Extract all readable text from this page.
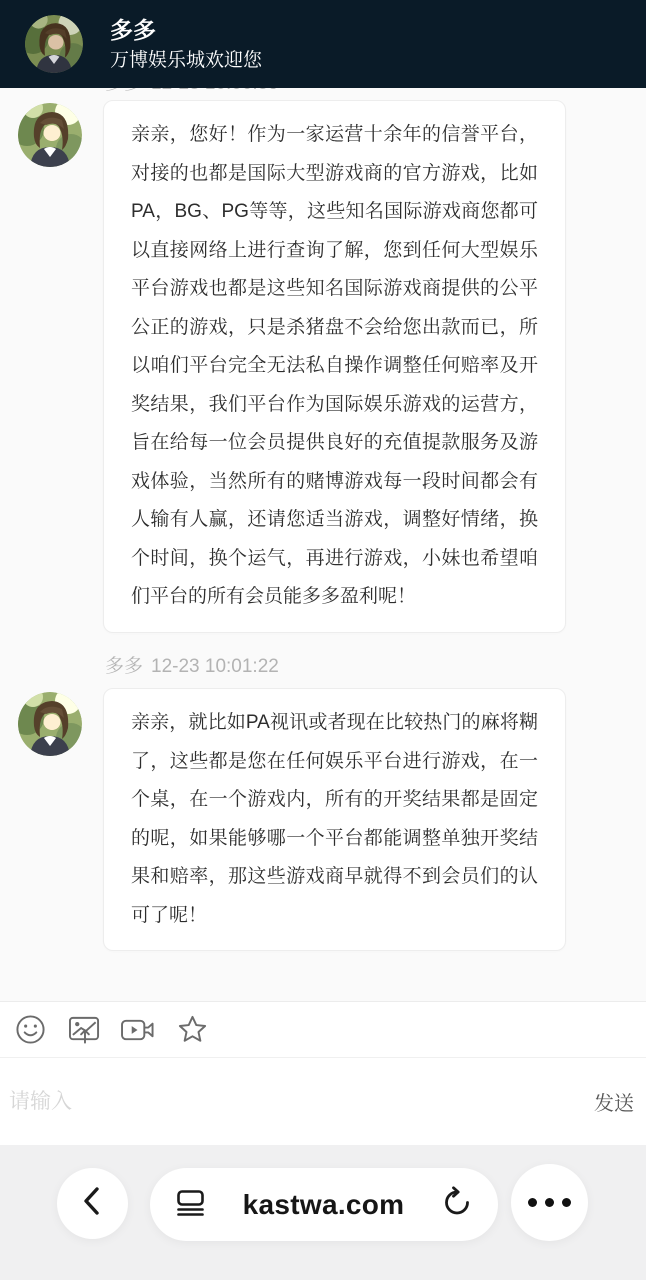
亲亲，您好！作为一家运营十余年的信誉平台，对接的也都是国际大型游戏商的官方游戏，比如PA，BG、PG等等，这些知名国际游戏商您都可以直接网络上进行查询了解，您到任何大型娱乐平台游戏也都是这些知名国际游戏商提供的公平公正的游戏，只是杀猪盘不会给您出款而已，所以咱们平台完全无法私自操作调整任何赔率及开奖结果，我们平台作为国际娱乐游戏的运营方，旨在给每一位会员提供良好的充值提款服务及游戏体验，当然所有的赌博游戏每一段时间都会有人输有人赢，还请您适当游戏，调整好情绪，换个时间，换个运气，再进行游戏，小妹也希望咱们平台的所有会员能多多盈利呢！
多多 12-23 10:01:22
亲亲，就比如PA视讯或者现在比较热门的麻将糊了，这些都是您在任何娱乐平台进行游戏，在一个桌，在一个游戏内，所有的开奖结果都是固定的呢，如果能够哪一个平台都能调整单独开奖结果和赔率，那这些游戏商早就得不到会员们的认可了呢！
多多
万博娱乐城欢迎您
请输入
发送
kastwa.com
